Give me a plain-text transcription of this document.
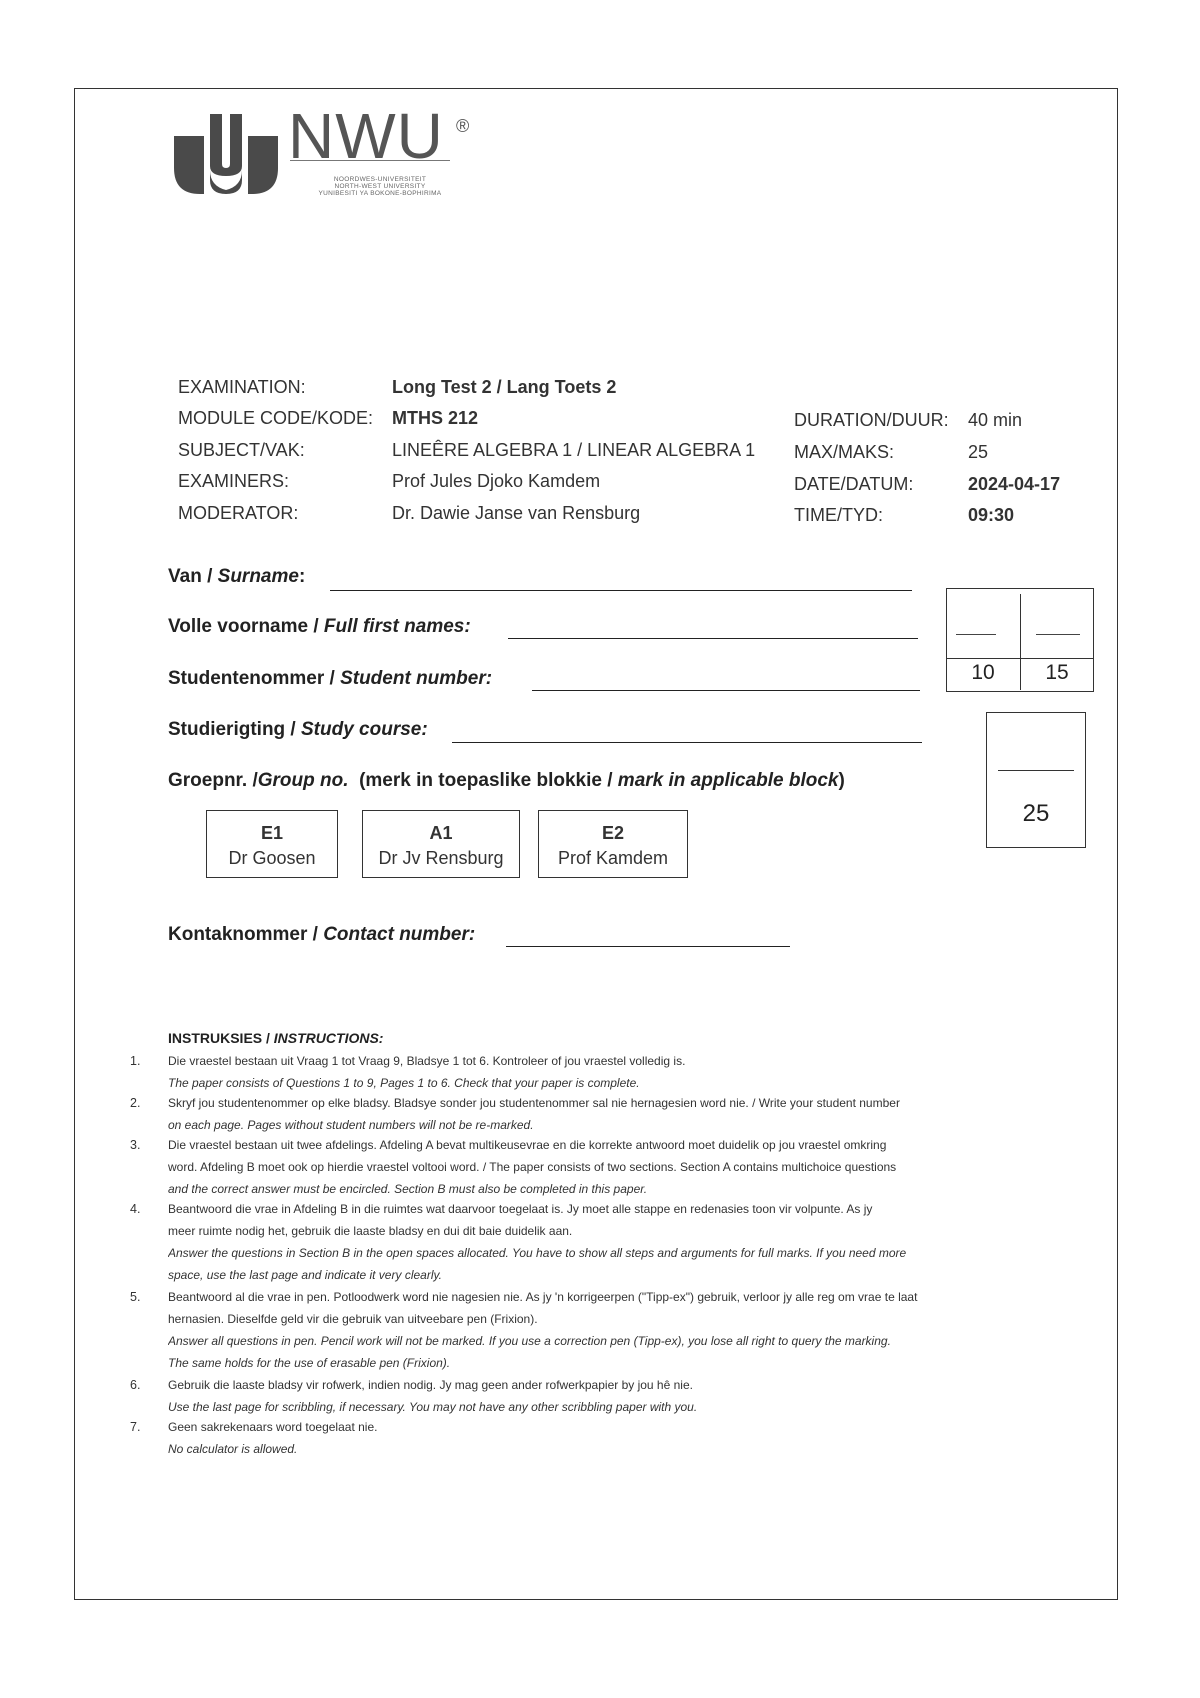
NWU ®
NOORDWES-UNIVERSITEIT
NORTH-WEST UNIVERSITY
YUNIBESITI YA BOKONE-BOPHIRIMA
EXAMINATION:	Long Test 2 / Lang Toets 2
MODULE CODE/KODE: MTHS 212
SUBJECT/VAK:	LINEÊRE ALGEBRA 1 / LINEAR ALGEBRA 1
EXAMINERS:	Prof Jules Djoko Kamdem
MODERATOR:	Dr. Dawie Janse van Rensburg
DURATION/DUUR: 40 min
MAX/MAKS:	25
DATE/DATUM:	2024-04-17
TIME/TYD:	09:30
Van / Surname:
Volle voorname / Full first names:
Studentenommer / Student number:
Studierigting / Study course:
Groepnr. /Group no. (merk in toepaslike blokkie / mark in applicable block)
E1
Dr Goosen
A1
Dr Jv Rensburg
E2
Prof Kamdem
Kontaknommer / Contact number:
10	15
25
INSTRUKSIES / INSTRUCTIONS:
1. Die vraestel bestaan uit Vraag 1 tot Vraag 9, Bladsye 1 tot 6. Kontroleer of jou vraestel volledig is.
The paper consists of Questions 1 to 9, Pages 1 to 6. Check that your paper is complete.
2. Skryf jou studentenommer op elke bladsy. Bladsye sonder jou studentenommer sal nie hernagesien word nie. / Write your student number
on each page. Pages without student numbers will not be re-marked.
3. Die vraestel bestaan uit twee afdelings. Afdeling A bevat multikeusevrae en die korrekte antwoord moet duidelik op jou vraestel omkring
word. Afdeling B moet ook op hierdie vraestel voltooi word. / The paper consists of two sections. Section A contains multichoice questions
and the correct answer must be encircled. Section B must also be completed in this paper.
4. Beantwoord die vrae in Afdeling B in die ruimtes wat daarvoor toegelaat is. Jy moet alle stappe en redenasies toon vir volpunte. As jy
meer ruimte nodig het, gebruik die laaste bladsy en dui dit baie duidelik aan.
Answer the questions in Section B in the open spaces allocated. You have to show all steps and arguments for full marks. If you need more
space, use the last page and indicate it very clearly.
5. Beantwoord al die vrae in pen. Potloodwerk word nie nagesien nie. As jy 'n korrigeerpen ("Tipp-ex") gebruik, verloor jy alle reg om vrae te laat
hernasien. Dieselfde geld vir die gebruik van uitveebare pen (Frixion).
Answer all questions in pen. Pencil work will not be marked. If you use a correction pen (Tipp-ex), you lose all right to query the marking.
The same holds for the use of erasable pen (Frixion).
6. Gebruik die laaste bladsy vir rofwerk, indien nodig. Jy mag geen ander rofwerkpapier by jou hê nie.
Use the last page for scribbling, if necessary. You may not have any other scribbling paper with you.
7. Geen sakrekenaars word toegelaat nie.
No calculator is allowed.
